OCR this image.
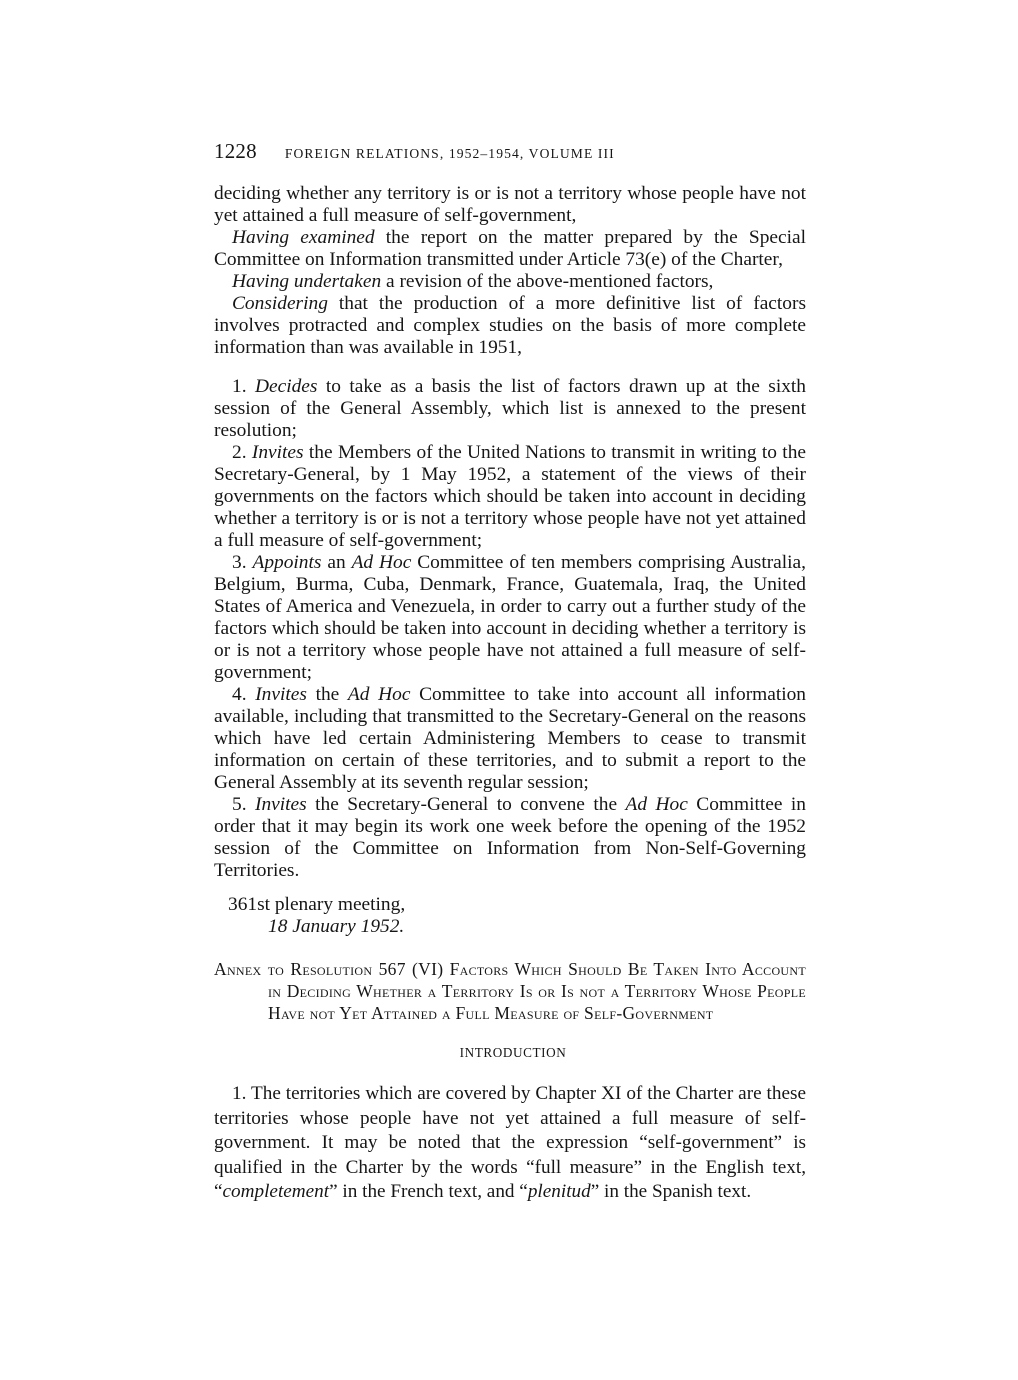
1228 FOREIGN RELATIONS, 1952–1954, VOLUME III

deciding whether any territory is or is not a territory whose people have not yet attained a full measure of self-government,

Having examined the report on the matter prepared by the Special Committee on Information transmitted under Article 73(e) of the Charter,

Having undertaken a revision of the above-mentioned factors,

Considering that the production of a more definitive list of factors involves protracted and complex studies on the basis of more complete information than was available in 1951,

1. Decides to take as a basis the list of factors drawn up at the sixth session of the General Assembly, which list is annexed to the present resolution;

2. Invites the Members of the United Nations to transmit in writing to the Secretary-General, by 1 May 1952, a statement of the views of their governments on the factors which should be taken into account in deciding whether a territory is or is not a territory whose people have not yet attained a full measure of self-government;

3. Appoints an Ad Hoc Committee of ten members comprising Australia, Belgium, Burma, Cuba, Denmark, France, Guatemala, Iraq, the United States of America and Venezuela, in order to carry out a further study of the factors which should be taken into account in deciding whether a territory is or is not a territory whose people have not attained a full measure of self-government;

4. Invites the Ad Hoc Committee to take into account all information available, including that transmitted to the Secretary-General on the reasons which have led certain Administering Members to cease to transmit information on certain of these territories, and to submit a report to the General Assembly at its seventh regular session;

5. Invites the Secretary-General to convene the Ad Hoc Committee in order that it may begin its work one week before the opening of the 1952 session of the Committee on Information from Non-Self-Governing Territories.

361st plenary meeting,
18 January 1952.

Annex to Resolution 567 (VI) Factors Which Should Be Taken Into Account in Deciding Whether a Territory Is or Is not a Territory Whose People Have not Yet Attained a Full Measure of Self-Government

INTRODUCTION

1. The territories which are covered by Chapter XI of the Charter are these territories whose people have not yet attained a full measure of self-government. It may be noted that the expression “self-government” is qualified in the Charter by the words “full measure” in the English text, “completement” in the French text, and “plenitud” in the Spanish text.
